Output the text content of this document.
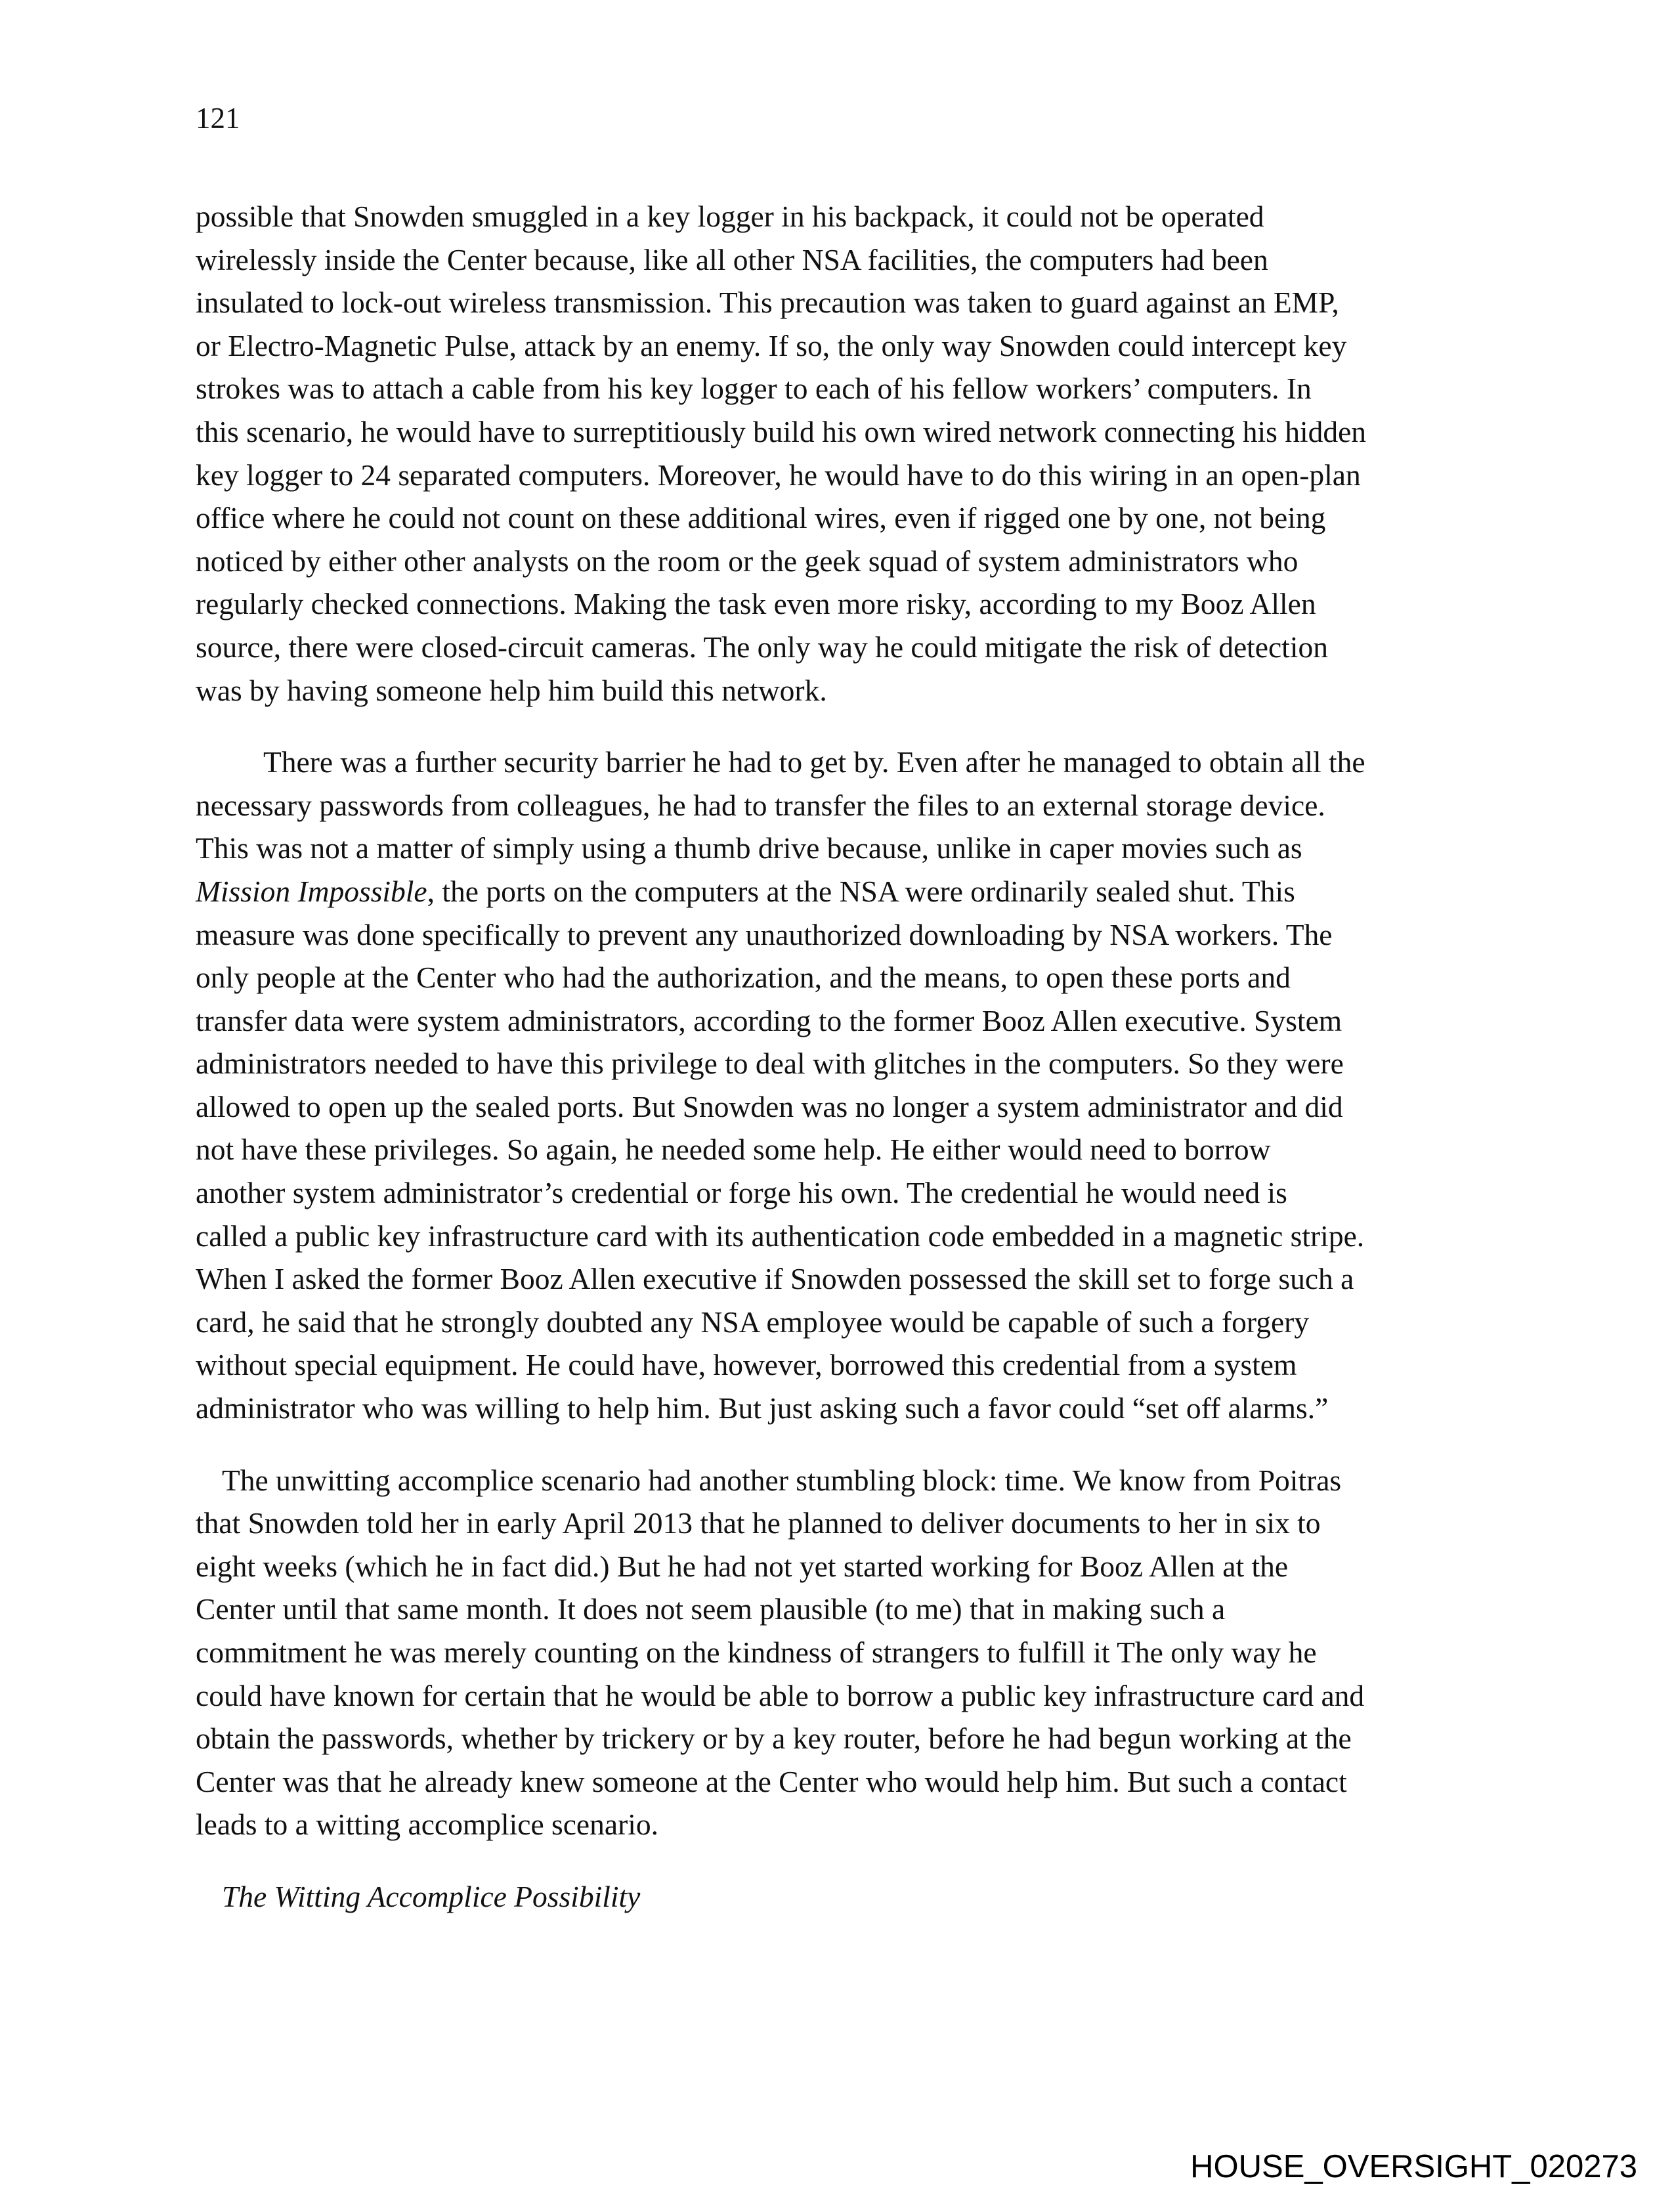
121

possible that Snowden smuggled in a key logger in his backpack, it could not be operated
wirelessly inside the Center because, like all other NSA facilities, the computers had been
insulated to lock-out wireless transmission. This precaution was taken to guard against an EMP,
or Electro-Magnetic Pulse, attack by an enemy. If so, the only way Snowden could intercept key
strokes was to attach a cable from his key logger to each of his fellow workers’ computers. In
this scenario, he would have to surreptitiously build his own wired network connecting his hidden
key logger to 24 separated computers. Moreover, he would have to do this wiring in an open-plan
office where he could not count on these additional wires, even if rigged one by one, not being
noticed by either other analysts on the room or the geek squad of system administrators who
regularly checked connections. Making the task even more risky, according to my Booz Allen
source, there were closed-circuit cameras. The only way he could mitigate the risk of detection
was by having someone help him build this network.

There was a further security barrier he had to get by. Even after he managed to obtain all the
necessary passwords from colleagues, he had to transfer the files to an external storage device.
This was not a matter of simply using a thumb drive because, unlike in caper movies such as
Mission Impossible, the ports on the computers at the NSA were ordinarily sealed shut. This
measure was done specifically to prevent any unauthorized downloading by NSA workers. The
only people at the Center who had the authorization, and the means, to open these ports and
transfer data were system administrators, according to the former Booz Allen executive. System
administrators needed to have this privilege to deal with glitches in the computers. So they were
allowed to open up the sealed ports. But Snowden was no longer a system administrator and did
not have these privileges. So again, he needed some help. He either would need to borrow
another system administrator’s credential or forge his own. The credential he would need is
called a public key infrastructure card with its authentication code embedded in a magnetic stripe.
When I asked the former Booz Allen executive if Snowden possessed the skill set to forge such a
card, he said that he strongly doubted any NSA employee would be capable of such a forgery
without special equipment. He could have, however, borrowed this credential from a system
administrator who was willing to help him. But just asking such a favor could “set off alarms.”

The unwitting accomplice scenario had another stumbling block: time. We know from Poitras
that Snowden told her in early April 2013 that he planned to deliver documents to her in six to
eight weeks (which he in fact did.) But he had not yet started working for Booz Allen at the
Center until that same month. It does not seem plausible (to me) that in making such a
commitment he was merely counting on the kindness of strangers to fulfill it The only way he
could have known for certain that he would be able to borrow a public key infrastructure card and
obtain the passwords, whether by trickery or by a key router, before he had begun working at the
Center was that he already knew someone at the Center who would help him. But such a contact
leads to a witting accomplice scenario.

The Witting Accomplice Possibility

HOUSE_OVERSIGHT_020273
